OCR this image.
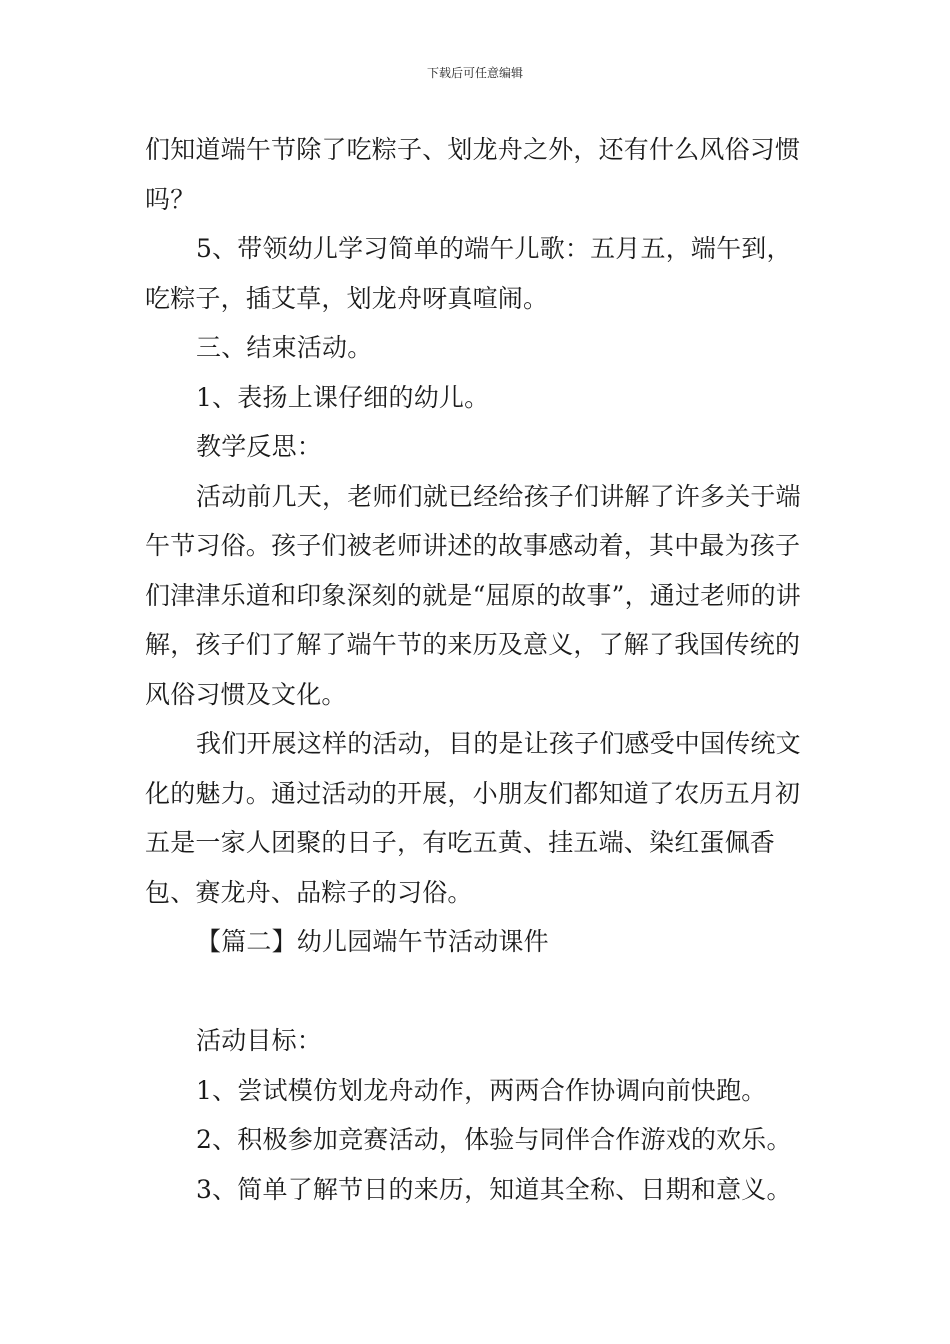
下载后可任意编辑

们知道端午节除了吃粽子、划龙舟之外，还有什么风俗习惯吗？

5、带领幼儿学习简单的端午儿歌：五月五，端午到，吃粽子，插艾草，划龙舟呀真喧闹。

三、结束活动。

1、表扬上课仔细的幼儿。

教学反思：

活动前几天，老师们就已经给孩子们讲解了许多关于端午节习俗。孩子们被老师讲述的故事感动着，其中最为孩子们津津乐道和印象深刻的就是“屈原的故事”，通过老师的讲解，孩子们了解了端午节的来历及意义，了解了我国传统的风俗习惯及文化。

我们开展这样的活动，目的是让孩子们感受中国传统文化的魅力。通过活动的开展，小朋友们都知道了农历五月初五是一家人团聚的日子，有吃五黄、挂五端、染红蛋佩香包、赛龙舟、品粽子的习俗。

【篇二】幼儿园端午节活动课件

活动目标：

1、尝试模仿划龙舟动作，两两合作协调向前快跑。

2、积极参加竞赛活动，体验与同伴合作游戏的欢乐。

3、简单了解节日的来历，知道其全称、日期和意义。
